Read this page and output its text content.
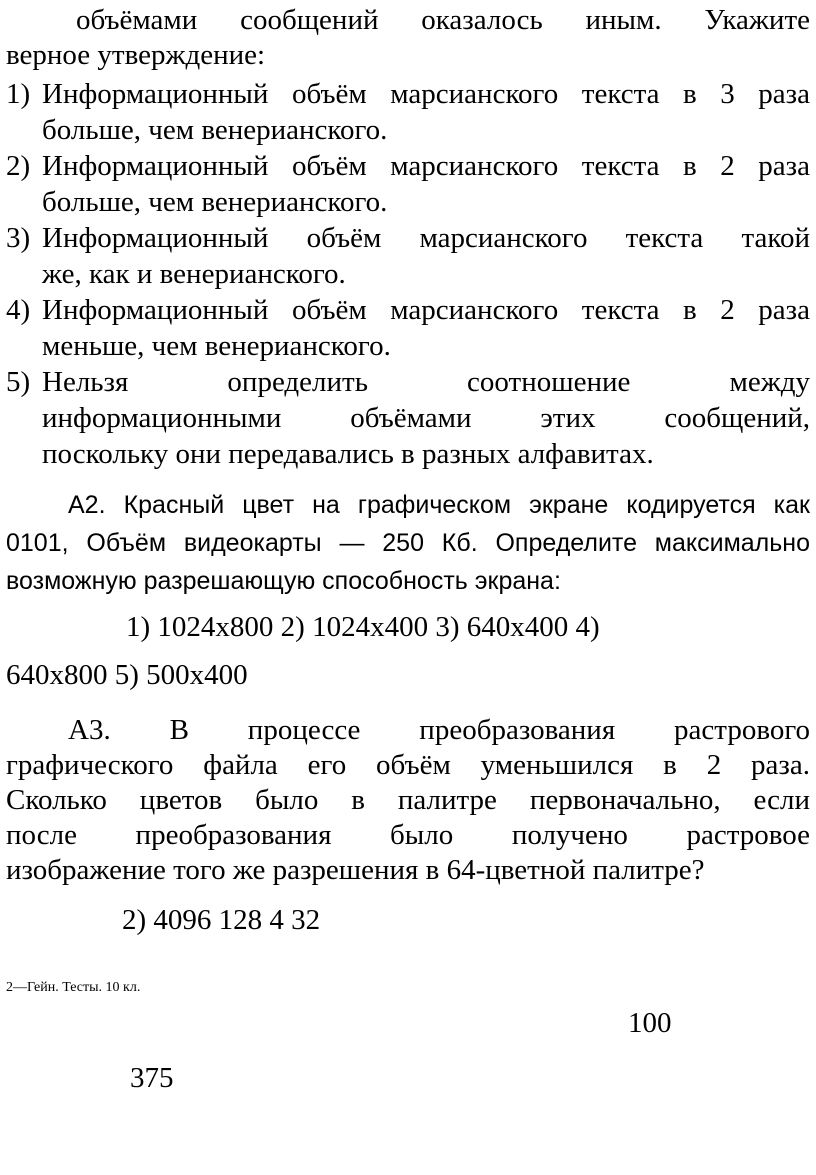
объёмами сообщений оказалось иным. Укажите
верное утверждение:
1) Информационный объём марсианского текста в 3 раза
больше, чем венерианского.
2) Информационный объём марсианского текста в 2 раза
больше, чем венерианского.
3) Информационный объём марсианского текста такой
же, как и венерианского.
4) Информационный объём марсианского текста в 2 раза
меньше, чем венерианского.
5) Нельзя определить соотношение между
информационными объёмами этих сообщений,
поскольку они передавались в разных алфавитах.
А2. Красный цвет на графическом экране кодируется как
0101, Объём видеокарты — 250 Кб. Определите максимально
возможную разрешающую способность экрана:
1) 1024x800 2) 1024x400 3) 640x400 4)
640x800 5) 500x400
А3. В процессе преобразования растрового
графического файла его объём уменьшился в 2 раза.
Сколько цветов было в палитре первоначально, если
после преобразования было получено растровое
изображение того же разрешения в 64-цветной палитре?
2) 4096 128 4 32
2—Гейн. Тесты. 10 кл.
100
375
